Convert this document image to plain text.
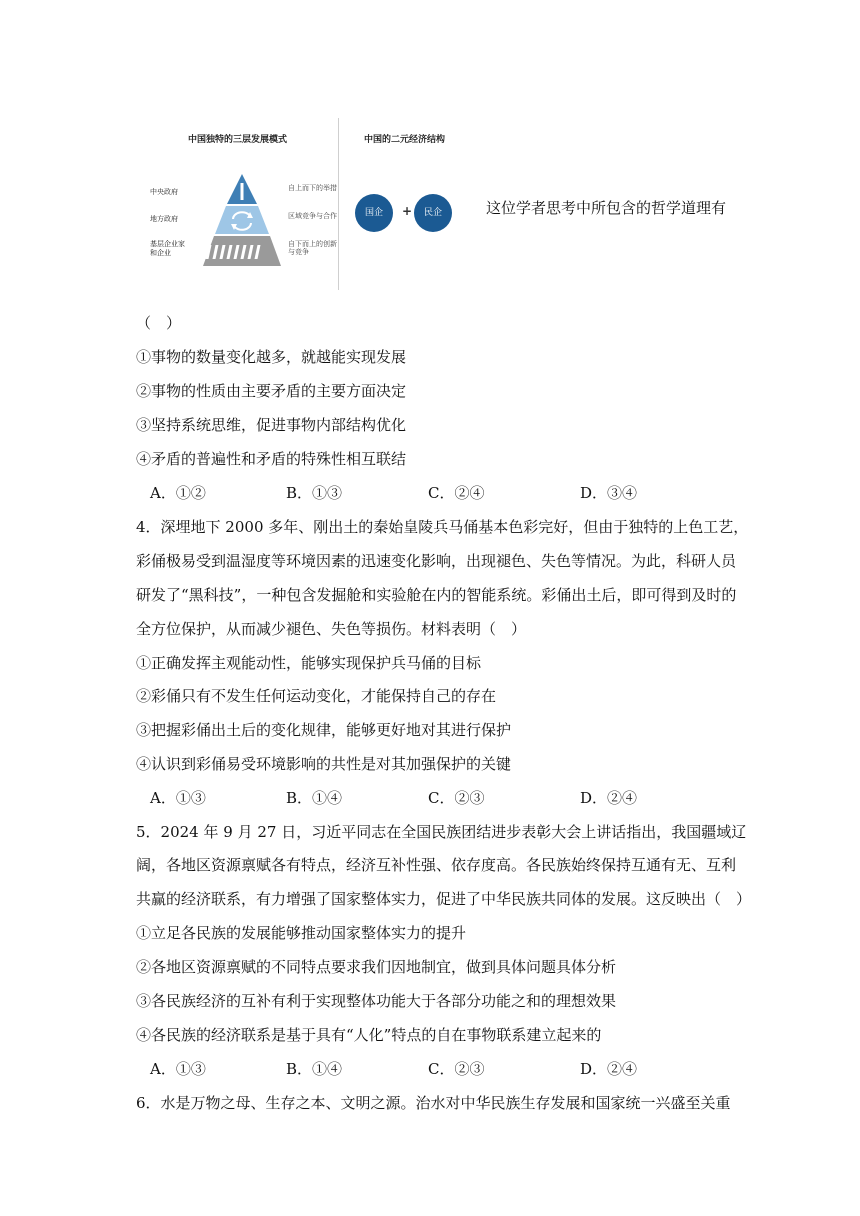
中国独特的三层发展模式
中央政府
地方政府
基层企业家和企业
自上而下的举措
区域竞争与合作
自下而上的创新与竞争
中国的二元经济结构
国企	+	民企	这位学者思考中所包含的哲学道理有
（　）
①事物的数量变化越多，就越能实现发展
②事物的性质由主要矛盾的主要方面决定
③坚持系统思维，促进事物内部结构优化
④矛盾的普遍性和矛盾的特殊性相互联结
A．①②	B．①③	C．②④	D．③④
4．深埋地下 2000 多年、刚出土的秦始皇陵兵马俑基本色彩完好，但由于独特的上色工艺，
彩俑极易受到温湿度等环境因素的迅速变化影响，出现褪色、失色等情况。为此，科研人员
研发了“黑科技”，一种包含发掘舱和实验舱在内的智能系统。彩俑出土后，即可得到及时的
全方位保护，从而减少褪色、失色等损伤。材料表明（　）
①正确发挥主观能动性，能够实现保护兵马俑的目标
②彩俑只有不发生任何运动变化，才能保持自己的存在
③把握彩俑出土后的变化规律，能够更好地对其进行保护
④认识到彩俑易受环境影响的共性是对其加强保护的关键
A．①③	B．①④	C．②③	D．②④
5．2024 年 9 月 27 日，习近平同志在全国民族团结进步表彰大会上讲话指出，我国疆域辽
阔，各地区资源禀赋各有特点，经济互补性强、依存度高。各民族始终保持互通有无、互利
共赢的经济联系，有力增强了国家整体实力，促进了中华民族共同体的发展。这反映出（　）
①立足各民族的发展能够推动国家整体实力的提升
②各地区资源禀赋的不同特点要求我们因地制宜，做到具体问题具体分析
③各民族经济的互补有利于实现整体功能大于各部分功能之和的理想效果
④各民族的经济联系是基于具有“人化”特点的自在事物联系建立起来的
A．①③	B．①④	C．②③	D．②④
6．水是万物之母、生存之本、文明之源。治水对中华民族生存发展和国家统一兴盛至关重
